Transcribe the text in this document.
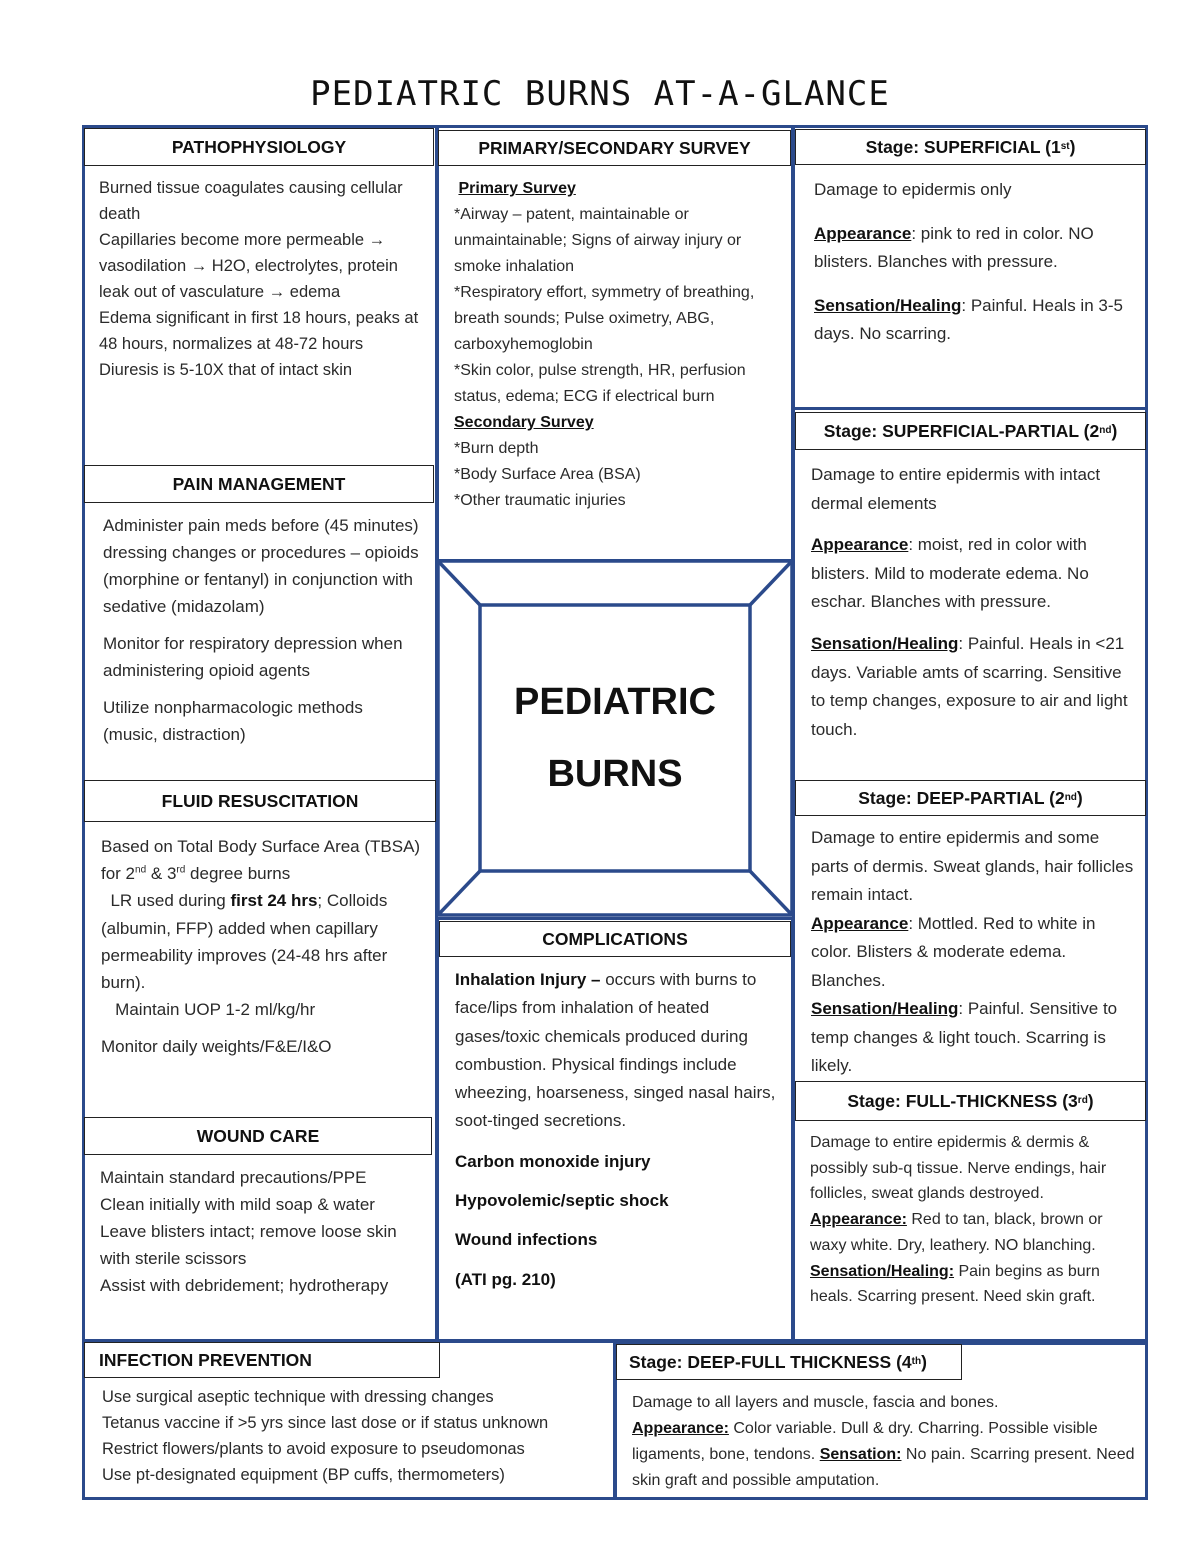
PEDIATRIC BURNS AT-A-GLANCE
PATHOPHYSIOLOGY

Burned tissue coagulates causing cellular death

Capillaries become more permeable → vasodilation → H2O, electrolytes, protein leak out of vasculature → edema

Edema significant in first 18 hours, peaks at 48 hours, normalizes at 48-72 hours

Diuresis is 5-10X that of intact skin

PAIN MANAGEMENT

Administer pain meds before (45 minutes) dressing changes or procedures – opioids (morphine or fentanyl) in conjunction with sedative (midazolam)

Monitor for respiratory depression when administering opioid agents

Utilize nonpharmacologic methods (music, distraction)

FLUID RESUSCITATION

Based on Total Body Surface Area (TBSA) for 2nd & 3rd degree burns

LR used during first 24 hrs; Colloids (albumin, FFP) added when capillary permeability improves (24-48 hrs after burn).

Maintain UOP 1-2 ml/kg/hr

Monitor daily weights/F&E/I&O

WOUND CARE

Maintain standard precautions/PPE

Clean initially with mild soap & water

Leave blisters intact; remove loose skin with sterile scissors

Assist with debridement; hydrotherapy

INFECTION PREVENTION

Use surgical aseptic technique with dressing changes

Tetanus vaccine if >5 yrs since last dose or if status unknown

Restrict flowers/plants to avoid exposure to pseudomonas

Use pt-designated equipment (BP cuffs, thermometers)

PRIMARY/SECONDARY SURVEY

Primary Survey

*Airway – patent, maintainable or unmaintainable; Signs of airway injury or smoke inhalation

*Respiratory effort, symmetry of breathing, breath sounds; Pulse oximetry, ABG, carboxyhemoglobin

*Skin color, pulse strength, HR, perfusion status, edema; ECG if electrical burn

Secondary Survey

*Burn depth

*Body Surface Area (BSA)

*Other traumatic injuries

PEDIATRIC
BURNS
COMPLICATIONS

Inhalation Injury – occurs with burns to face/lips from inhalation of heated gases/toxic chemicals produced during combustion. Physical findings include wheezing, hoarseness, singed nasal hairs, soot-tinged secretions.

Carbon monoxide injury

Hypovolemic/septic shock

Wound infections

(ATI pg. 210)

Stage: SUPERFICIAL (1 st )

Damage to epidermis only

Appearance: pink to red in color. NO blisters. Blanches with pressure.

Sensation/Healing: Painful. Heals in 3-5 days. No scarring.

Stage: SUPERFICIAL-PARTIAL (2 nd )

Damage to entire epidermis with intact dermal elements

Appearance: moist, red in color with blisters. Mild to moderate edema. No eschar. Blanches with pressure.

Sensation/Healing: Painful. Heals in <21 days. Variable amts of scarring. Sensitive to temp changes, exposure to air and light touch.

Stage: DEEP-PARTIAL (2 nd )

Damage to entire epidermis and some parts of dermis. Sweat glands, hair follicles remain intact.

Appearance: Mottled. Red to white in color. Blisters & moderate edema. Blanches.

Sensation/Healing: Painful. Sensitive to temp changes & light touch. Scarring is likely.

Stage: FULL-THICKNESS (3 rd )

Damage to entire epidermis & dermis & possibly sub-q tissue. Nerve endings, hair follicles, sweat glands destroyed.

Appearance: Red to tan, black, brown or waxy white. Dry, leathery. NO blanching.

Sensation/Healing: Pain begins as burn heals. Scarring present. Need skin graft.

Stage: DEEP-FULL THICKNESS (4 th )

Damage to all layers and muscle, fascia and bones.

Appearance: Color variable. Dull & dry. Charring. Possible visible ligaments, bone, tendons. Sensation: No pain. Scarring present. Need skin graft and possible amputation.
